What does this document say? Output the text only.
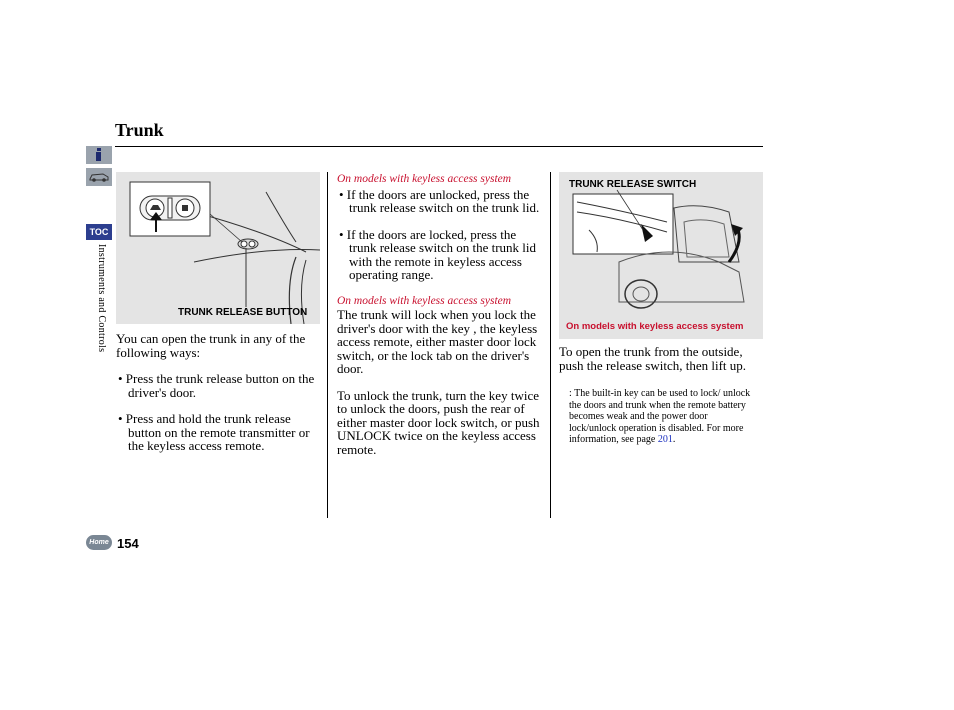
Trunk
TOC
Instruments and Controls	TRUNK RELEASE BUTTON
TRUNK RELEASE SWITCH
On models with keyless access system

You can open the trunk in any of the following ways:

• Press the trunk release button on the driver's door.

• Press and hold the trunk release button on the remote transmitter or the keyless access remote.

On models with keyless access system

• If the doors are unlocked, press the trunk release switch on the trunk lid.

• If the doors are locked, press the trunk release switch on the trunk lid with the remote in keyless access operating range.

On models with keyless access system

The trunk will lock when you lock the driver's door with the key , the keyless access remote, either master door lock switch, or the lock tab on the driver's door.

To unlock the trunk, turn the key twice to unlock the doors, push the rear of either master door lock switch, or push UNLOCK twice on the keyless access remote.

To open the trunk from the outside, push the release switch, then lift up.

: The built-in key can be used to lock/ unlock the doors and trunk when the remote battery becomes weak and the power door lock/unlock operation is disabled. For more information, see page 201.
Home 154
